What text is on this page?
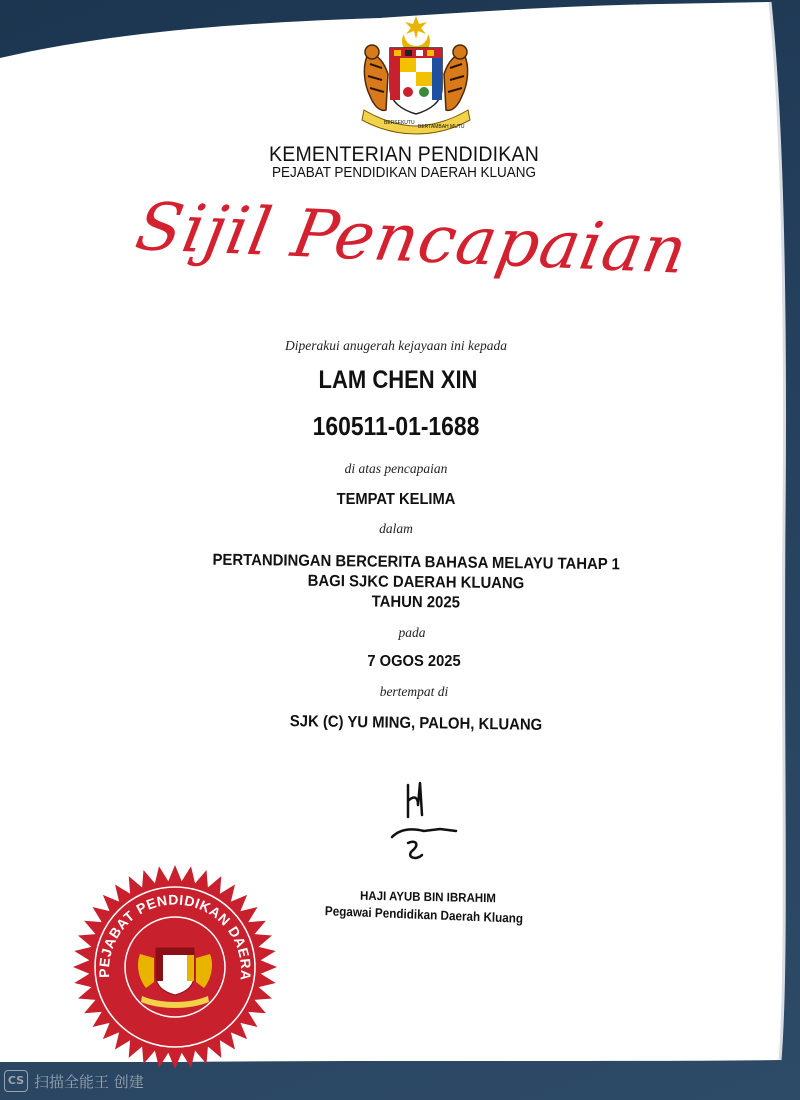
BERSEKUTU
BERTAMBAH MUTU
KEMENTERIAN PENDIDIKAN
PEJABAT PENDIDIKAN DAERAH KLUANG
Sijil Pencapaian
Diperakui anugerah kejayaan ini kepada
LAM CHEN XIN
160511-01-1688
di atas pencapaian
TEMPAT KELIMA
dalam
PERTANDINGAN BERCERITA BAHASA MELAYU TAHAP 1
BAGI SJKC DAERAH KLUANG
TAHUN 2025
pada
7 OGOS 2025
bertempat di
SJK (C) YU MING, PALOH, KLUANG
HAJI AYUB BIN IBRAHIM
Pegawai Pendidikan Daerah Kluang
PEJABAT PENDIDIKAN DAERA
CS 扫描全能王 创建
